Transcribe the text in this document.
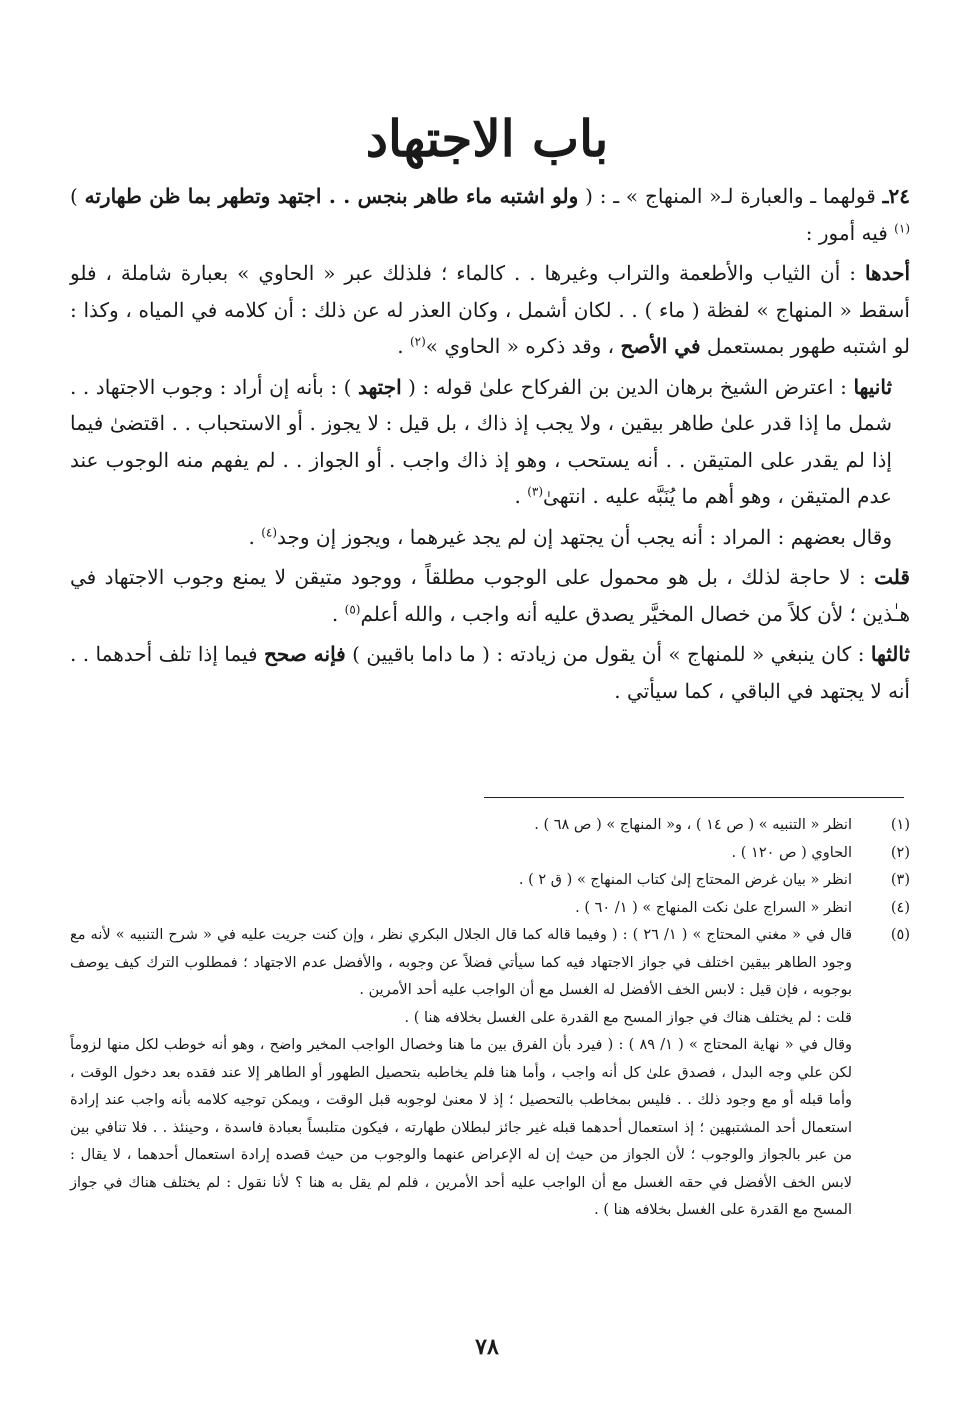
باب الاجتهاد

٢٤ـ قولهما ـ والعبارة لـ« المنهاج » ـ : ( ولو اشتبه ماء طاهر بنجس . . اجتهد وتطهر بما ظن طهارته )$^{(١)}$ فيه أمور :

أحدها : أن الثياب والأطعمة والتراب وغيرها . . كالماء ؛ فلذلك عبر « الحاوي » بعبارة شاملة ، فلو أسقط « المنهاج » لفظة ( ماء ) . . لكان أشمل ، وكان العذر له عن ذلك : أن كلامه في المياه ، وكذا : لو اشتبه طهور بمستعمل في الأصح ، وقد ذكره « الحاوي »$^{(٢)}$ .

ثانيها : اعترض الشيخ برهان الدين بن الفركاح علىٰ قوله : ( اجتهد ) : بأنه إن أراد : وجوب الاجتهاد . . شمل ما إذا قدر علىٰ طاهر بيقين ، ولا يجب إذ ذاك ، بل قيل : لا يجوز . أو الاستحباب . . اقتضىٰ فيما إذا لم يقدر على المتيقن . . أنه يستحب ، وهو إذ ذاك واجب . أو الجواز . . لم يفهم منه الوجوب عند عدم المتيقن ، وهو أهم ما يُنَبَّه عليه . انتهىٰ$^{(٣)}$ .

وقال بعضهم : المراد : أنه يجب أن يجتهد إن لم يجد غيرهما ، ويجوز إن وجد$^{(٤)}$ .

قلت : لا حاجة لذلك ، بل هو محمول على الوجوب مطلقاً ، ووجود متيقن لا يمنع وجوب الاجتهاد في هـٰذين ؛ لأن كلاً من خصال المخيَّر يصدق عليه أنه واجب ، والله أعلم$^{(٥)}$ .

ثالثها : كان ينبغي « للمنهاج » أن يقول من زيادته : ( ما داما باقيين ) فإنه صحح فيما إذا تلف أحدهما . . أنه لا يجتهد في الباقي ، كما سيأتي .

(١)

انظر « التنبيه » ( ص ١٤ ) ، و« المنهاج » ( ص ٦٨ ) .

(٢)

الحاوي ( ص ١٢٠ ) .

(٣)

انظر « بيان غرض المحتاج إلىٰ كتاب المنهاج » ( ق ٢ ) .

(٤)

انظر « السراج علىٰ نكت المنهاج » ( ١/ ٦٠ ) .

(٥)

قال في « مغني المحتاج » ( ١/ ٢٦ ) : ( وفيما قاله كما قال الجلال البكري نظر ، وإن كنت جريت عليه في « شرح التنبيه » لأنه مع وجود الطاهر بيقين اختلف في جواز الاجتهاد فيه كما سيأتي فضلاً عن وجوبه ، والأفضل عدم الاجتهاد ؛ فمطلوب الترك كيف يوصف بوجوبه ، فإن قيل : لابس الخف الأفضل له الغسل مع أن الواجب عليه أحد الأمرين .

قلت : لم يختلف هناك في جواز المسح مع القدرة على الغسل بخلافه هنا ) .

وقال في « نهاية المحتاج » ( ١/ ٨٩ ) : ( فيرد بأن الفرق بين ما هنا وخصال الواجب المخير واضح ، وهو أنه خوطب لكل منها لزوماً لكن علي وجه البدل ، فصدق علىٰ كل أنه واجب ، وأما هنا فلم يخاطبه بتحصيل الطهور أو الطاهر إلا عند فقده بعد دخول الوقت ، وأما قبله أو مع وجود ذلك . . فليس بمخاطب بالتحصيل ؛ إذ لا معنىٰ لوجوبه قبل الوقت ، ويمكن توجيه كلامه بأنه واجب عند إرادة استعمال أحد المشتبهين ؛ إذ استعمال أحدهما قبله غير جائز لبطلان طهارته ، فيكون متلبساً بعبادة فاسدة ، وحينئذ . . فلا تنافي بين من عبر بالجواز والوجوب ؛ لأن الجواز من حيث إن له الإعراض عنهما والوجوب من حيث قصده إرادة استعمال أحدهما ، لا يقال : لابس الخف الأفضل في حقه الغسل مع أن الواجب عليه أحد الأمرين ، فلم لم يقل به هنا ؟ لأنا نقول : لم يختلف هناك في جواز المسح مع القدرة على الغسل بخلافه هنا ) .

٧٨
